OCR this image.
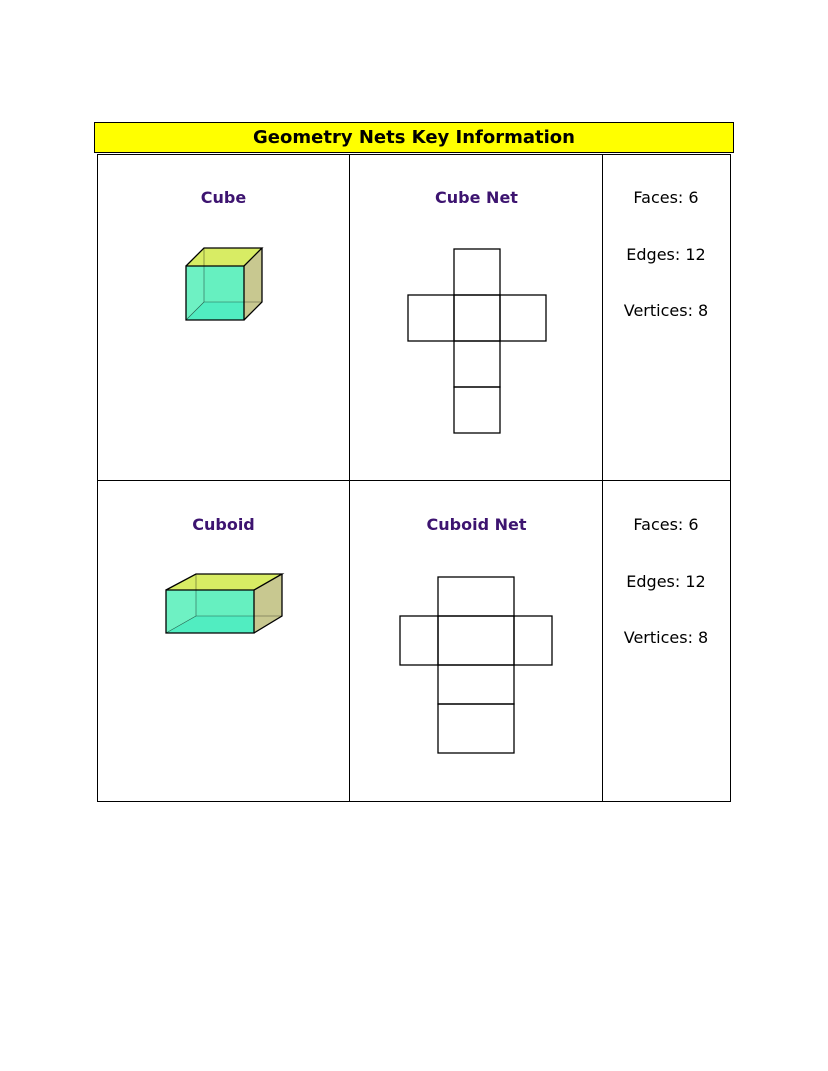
Geometry Nets Key Information
Cube	Cube Net	Faces: 6
Edges: 12
Vertices: 8
Cuboid	Cuboid Net	Faces: 6
Edges: 12
Vertices: 8
